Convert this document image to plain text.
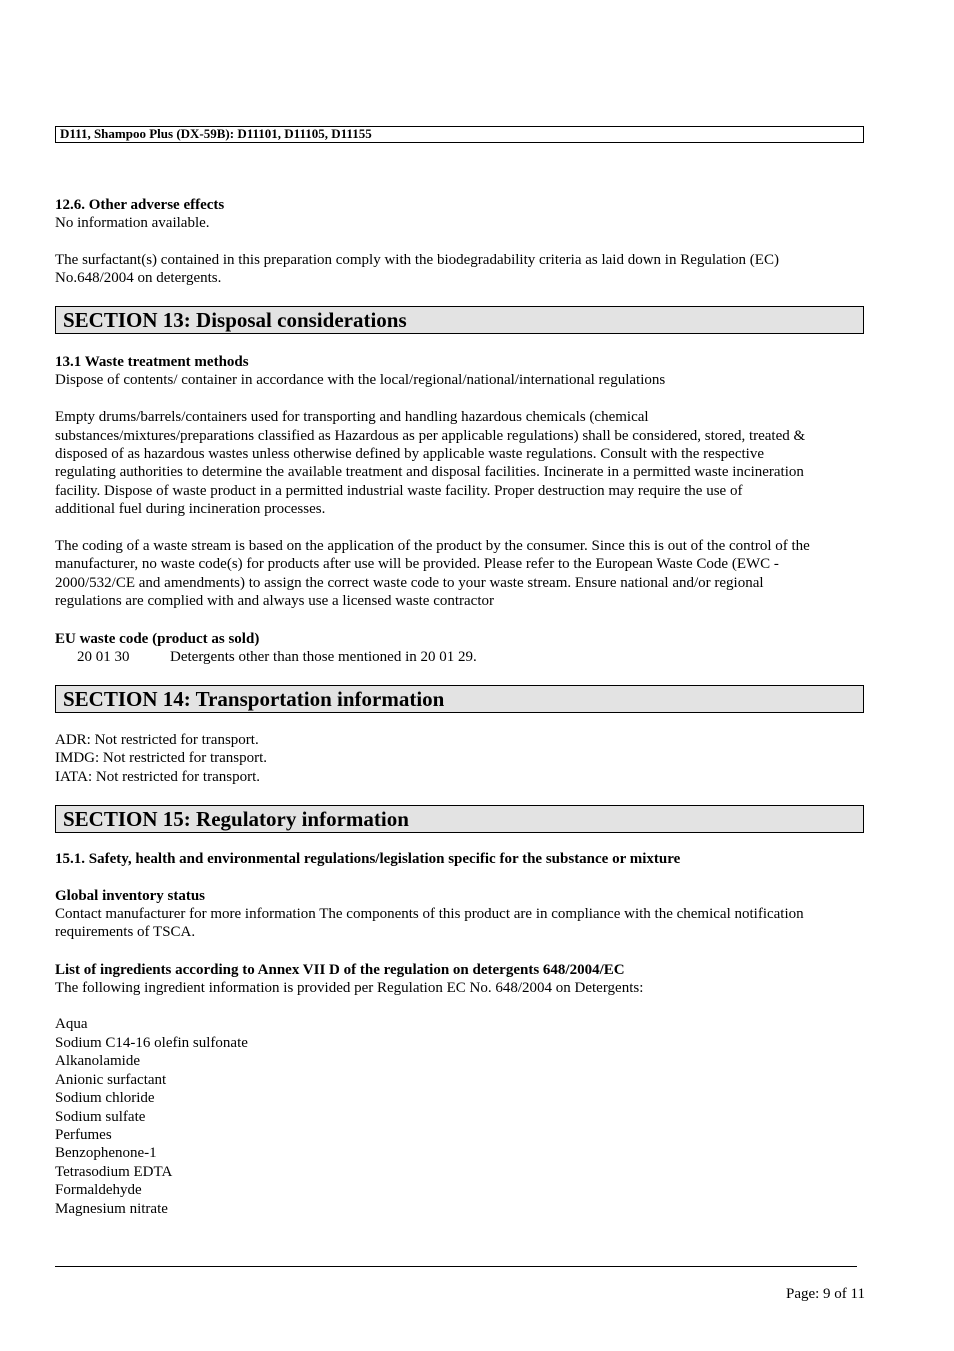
D111, Shampoo Plus (DX-59B): D11101, D11105, D11155
12.6. Other adverse effects
No information available.
The surfactant(s) contained in this preparation comply with the biodegradability criteria as laid down in Regulation (EC)
No.648/2004 on detergents.
SECTION 13: Disposal considerations
13.1 Waste treatment methods
Dispose of contents/ container in accordance with the local/regional/national/international regulations
Empty drums/barrels/containers used for transporting and handling hazardous chemicals (chemical
substances/mixtures/preparations classified as Hazardous as per applicable regulations) shall be considered, stored, treated &
disposed of as hazardous wastes unless otherwise defined by applicable waste regulations. Consult with the respective
regulating authorities to determine the available treatment and disposal facilities. Incinerate in a permitted waste incineration
facility. Dispose of waste product in a permitted industrial waste facility. Proper destruction may require the use of
additional fuel during incineration processes.
The coding of a waste stream is based on the application of the product by the consumer. Since this is out of the control of the
manufacturer, no waste code(s) for products after use will be provided. Please refer to the European Waste Code (EWC -
2000/532/CE and amendments) to assign the correct waste code to your waste stream. Ensure national and/or regional
regulations are complied with and always use a licensed waste contractor
EU waste code (product as sold)
20 01 30	Detergents other than those mentioned in 20 01 29.
SECTION 14: Transportation information
ADR: Not restricted for transport.
IMDG: Not restricted for transport.
IATA: Not restricted for transport.
SECTION 15: Regulatory information
15.1. Safety, health and environmental regulations/legislation specific for the substance or mixture
Global inventory status
Contact manufacturer for more information The components of this product are in compliance with the chemical notification
requirements of TSCA.
List of ingredients according to Annex VII D of the regulation on detergents 648/2004/EC
The following ingredient information is provided per Regulation EC No. 648/2004 on Detergents:
Aqua
Sodium C14-16 olefin sulfonate
Alkanolamide
Anionic surfactant
Sodium chloride
Sodium sulfate
Perfumes
Benzophenone-1
Tetrasodium EDTA
Formaldehyde
Magnesium nitrate
Page: 9 of 11
